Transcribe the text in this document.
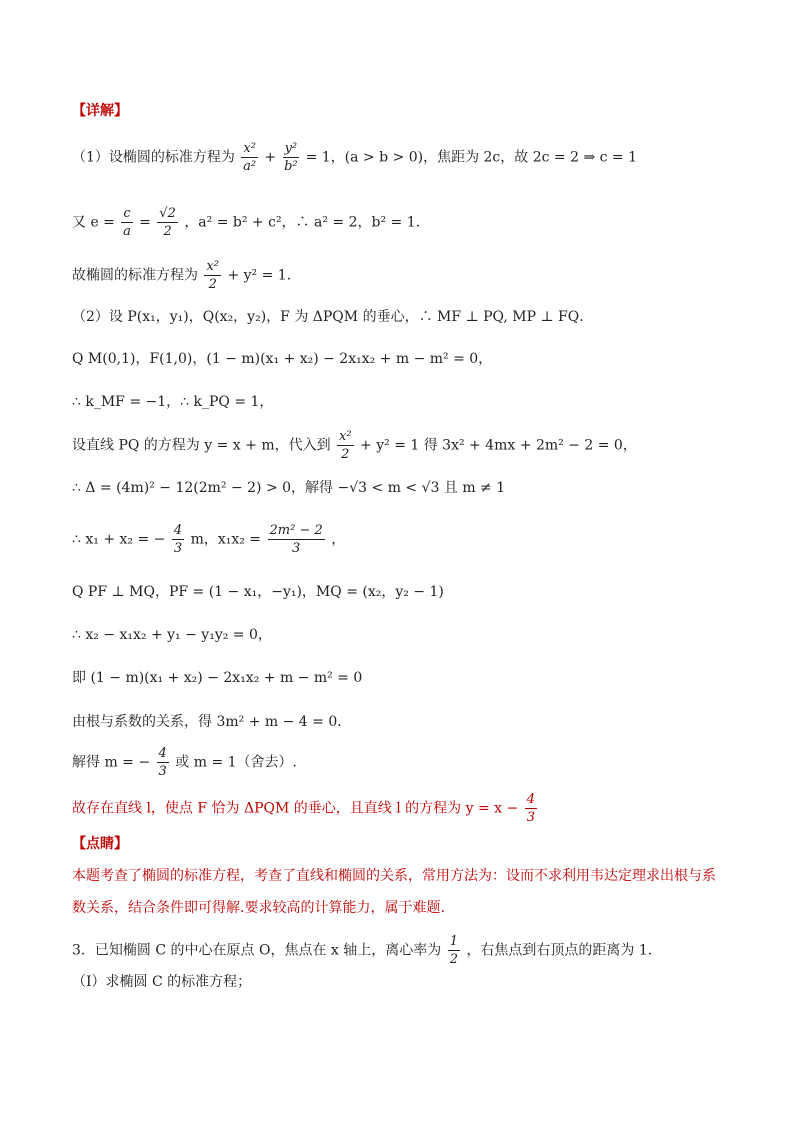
【详解】
（1）设椭圆的标准方程为 $\frac{\text{x²}}{\text{a²}} + \frac{\text{y²}}{\text{b²}} = 1$，(a > b > 0)，焦距为 2c，故 2c = 2 ⇒ c = 1
又 $e = \frac{c}{a} = \frac{√2}{2}$ ，a² = b² + c²，∴ a² = 2，b² = 1．
故椭圆的标准方程为 $\frac{\text{x²}}{2} + y^2 = 1$．
（2）设 P(x₁，y₁)，Q(x₂，y₂)，F 为 ΔPQM 的垂心，∴ MF ⊥ PQ, MP ⊥ FQ．
Q M(0,1)，F(1,0)，(1 − m)(x₁ + x₂) − 2x₁x₂ + m − m² = 0，
∴ k_MF = −1，∴ k_PQ = 1，
设直线 PQ 的方程为 y = x + m，代入到 $\frac{\text{x²}}{2} + y^2 = 1$ 得 3x² + 4mx + 2m² − 2 = 0，
∴ Δ = (4m)² − 12(2m² − 2) > 0，解得 −√3 < m < √3 且 m ≠ 1
∴ x₁ + x₂ = − $\frac{4}{3}$ m，$x_1x_2 = \frac{\text{2m² − 2}}{3}$ ，
Q PF ⊥ MQ，PF = (1 − x₁，−y₁)，MQ = (x₂，y₂ − 1)
∴ x₂ − x₁x₂ + y₁ − y₁y₂ = 0，
即 (1 − m)(x₁ + x₂) − 2x₁x₂ + m − m² = 0
由根与系数的关系，得 3m² + m − 4 = 0．
解得 m = − $\frac{4}{3}$ 或 m = 1（舍去）.
故存在直线 l，使点 F 恰为 ΔPQM 的垂心，且直线 l 的方程为 $y = x - \frac{4}{3}$
【点睛】
本题考查了椭圆的标准方程，考查了直线和椭圆的关系，常用方法为：设而不求利用韦达定理求出根与系
数关系，结合条件即可得解.要求较高的计算能力，属于难题.
3．已知椭圆 C 的中心在原点 O，焦点在 x 轴上，离心率为 $\frac{1}{2}$ ，右焦点到右顶点的距离为 1．
（I）求椭圆 C 的标准方程；
